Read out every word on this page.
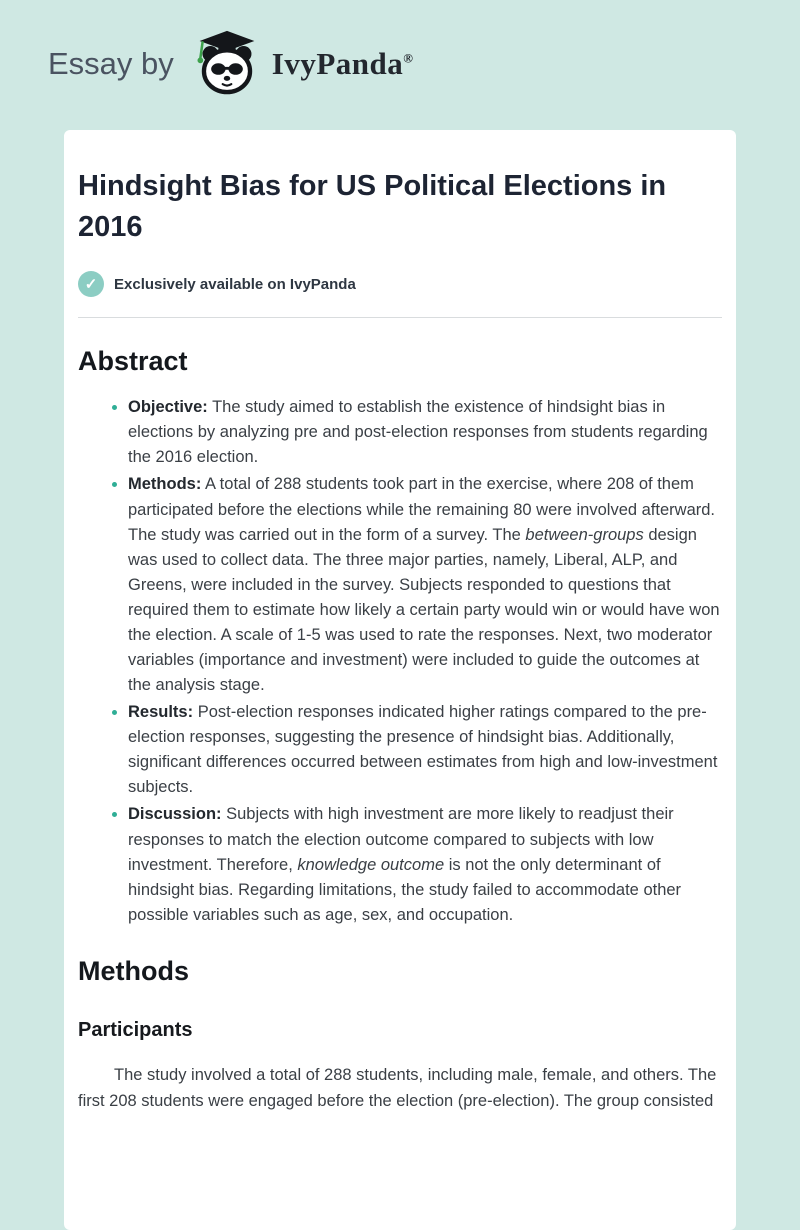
Essay by	IvyPanda®
Hindsight Bias for US Political Elections in 2016
✓	Exclusively available on IvyPanda
Abstract
• Objective: The study aimed to establish the existence of hindsight bias in elections by analyzing pre and post-election responses from students regarding the 2016 election.
• Methods: A total of 288 students took part in the exercise, where 208 of them participated before the elections while the remaining 80 were involved afterward. The study was carried out in the form of a survey. The between-groups design was used to collect data. The three major parties, namely, Liberal, ALP, and Greens, were included in the survey. Subjects responded to questions that required them to estimate how likely a certain party would win or would have won the election. A scale of 1-5 was used to rate the responses. Next, two moderator variables (importance and investment) were included to guide the outcomes at the analysis stage.
• Results: Post-election responses indicated higher ratings compared to the pre-election responses, suggesting the presence of hindsight bias. Additionally, significant differences occurred between estimates from high and low-investment subjects.
• Discussion: Subjects with high investment are more likely to readjust their responses to match the election outcome compared to subjects with low investment. Therefore, knowledge outcome is not the only determinant of hindsight bias. Regarding limitations, the study failed to accommodate other possible variables such as age, sex, and occupation.
Methods
Participants

The study involved a total of 288 students, including male, female, and others. The first 208 students were engaged before the election (pre-election). The group consisted
